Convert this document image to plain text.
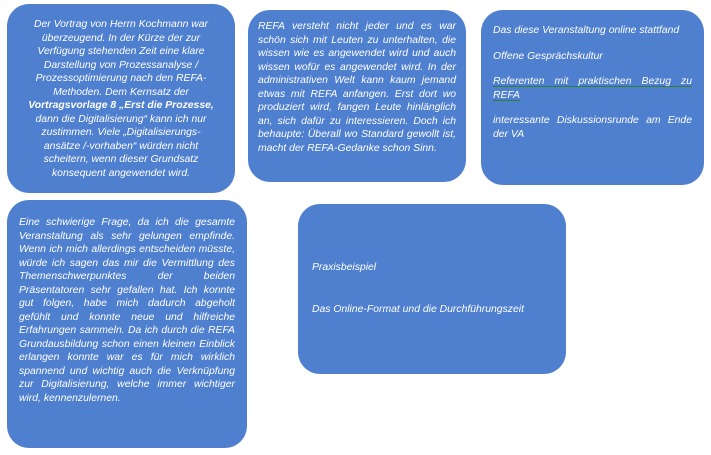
Der Vortrag von Herrn Kochmann war

überzeugend. In der Kürze der zur

Verfügung stehenden Zeit eine klare

Darstellung von Prozessanalyse /

Prozessoptimierung nach den REFA-

Methoden. Dem Kernsatz der

Vortragsvorlage 8 „Erst die Prozesse,

dann die Digitalisierung“ kann ich nur

zustimmen. Viele „Digitalisierungs-

ansätze /-vorhaben“ würden nicht

scheitern, wenn dieser Grundsatz

konsequent angewendet wird.

REFA versteht nicht jeder und es war schön sich mit Leuten zu unterhalten, die wissen wie es angewendet wird und auch wissen wofür es angewendet wird. In der administrativen Welt kann kaum jemand etwas mit REFA anfangen. Erst dort wo produziert wird, fangen Leute hinlänglich an, sich dafür zu interessieren. Doch ich behaupte: Überall wo Standard gewollt ist, macht der REFA-Gedanke schon Sinn.

Das diese Veranstaltung online stattfand

Offene Gesprächskultur

Referenten mit praktischen Bezug zu REFA

interessante Diskussionsrunde am Ende der VA

Eine schwierige Frage, da ich die gesamte Veranstaltung als sehr gelungen empfinde. Wenn ich mich allerdings entscheiden müsste, würde ich sagen das mir die Vermittlung des Themenschwerpunktes der beiden Präsentatoren sehr gefallen hat. Ich konnte gut folgen, habe mich dadurch abgeholt gefühlt und konnte neue und hilfreiche Erfahrungen sammeln. Da ich durch die REFA Grundausbildung schon einen kleinen Einblick erlangen konnte war es für mich wirklich spannend und wichtig auch die Verknüpfung zur Digitalisierung, welche immer wichtiger wird, kennenzulernen.

Praxisbeispiel

Das Online-Format und die Durchführungszeit
